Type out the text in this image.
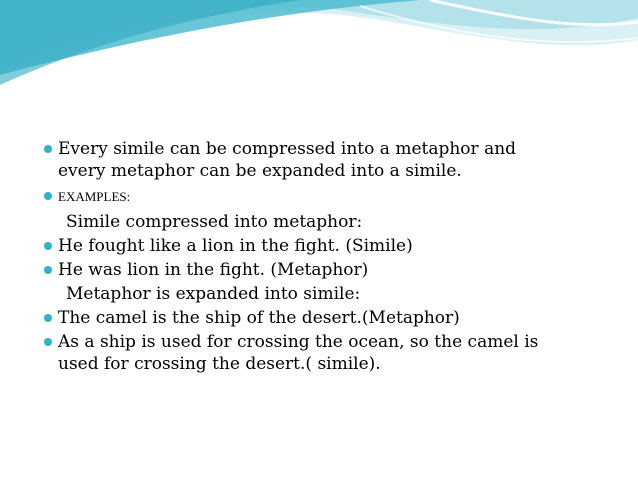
Every simile can be compressed into a metaphor and
every metaphor can be expanded into a simile.
EXAMPLES:
Simile compressed into metaphor:
He fought like a lion in the fight. (Simile)
He was lion in the fight. (Metaphor)
Metaphor is expanded into simile:
The camel is the ship of the desert.(Metaphor)
As a ship is used for crossing the ocean, so the camel is
used for crossing the desert.( simile).
